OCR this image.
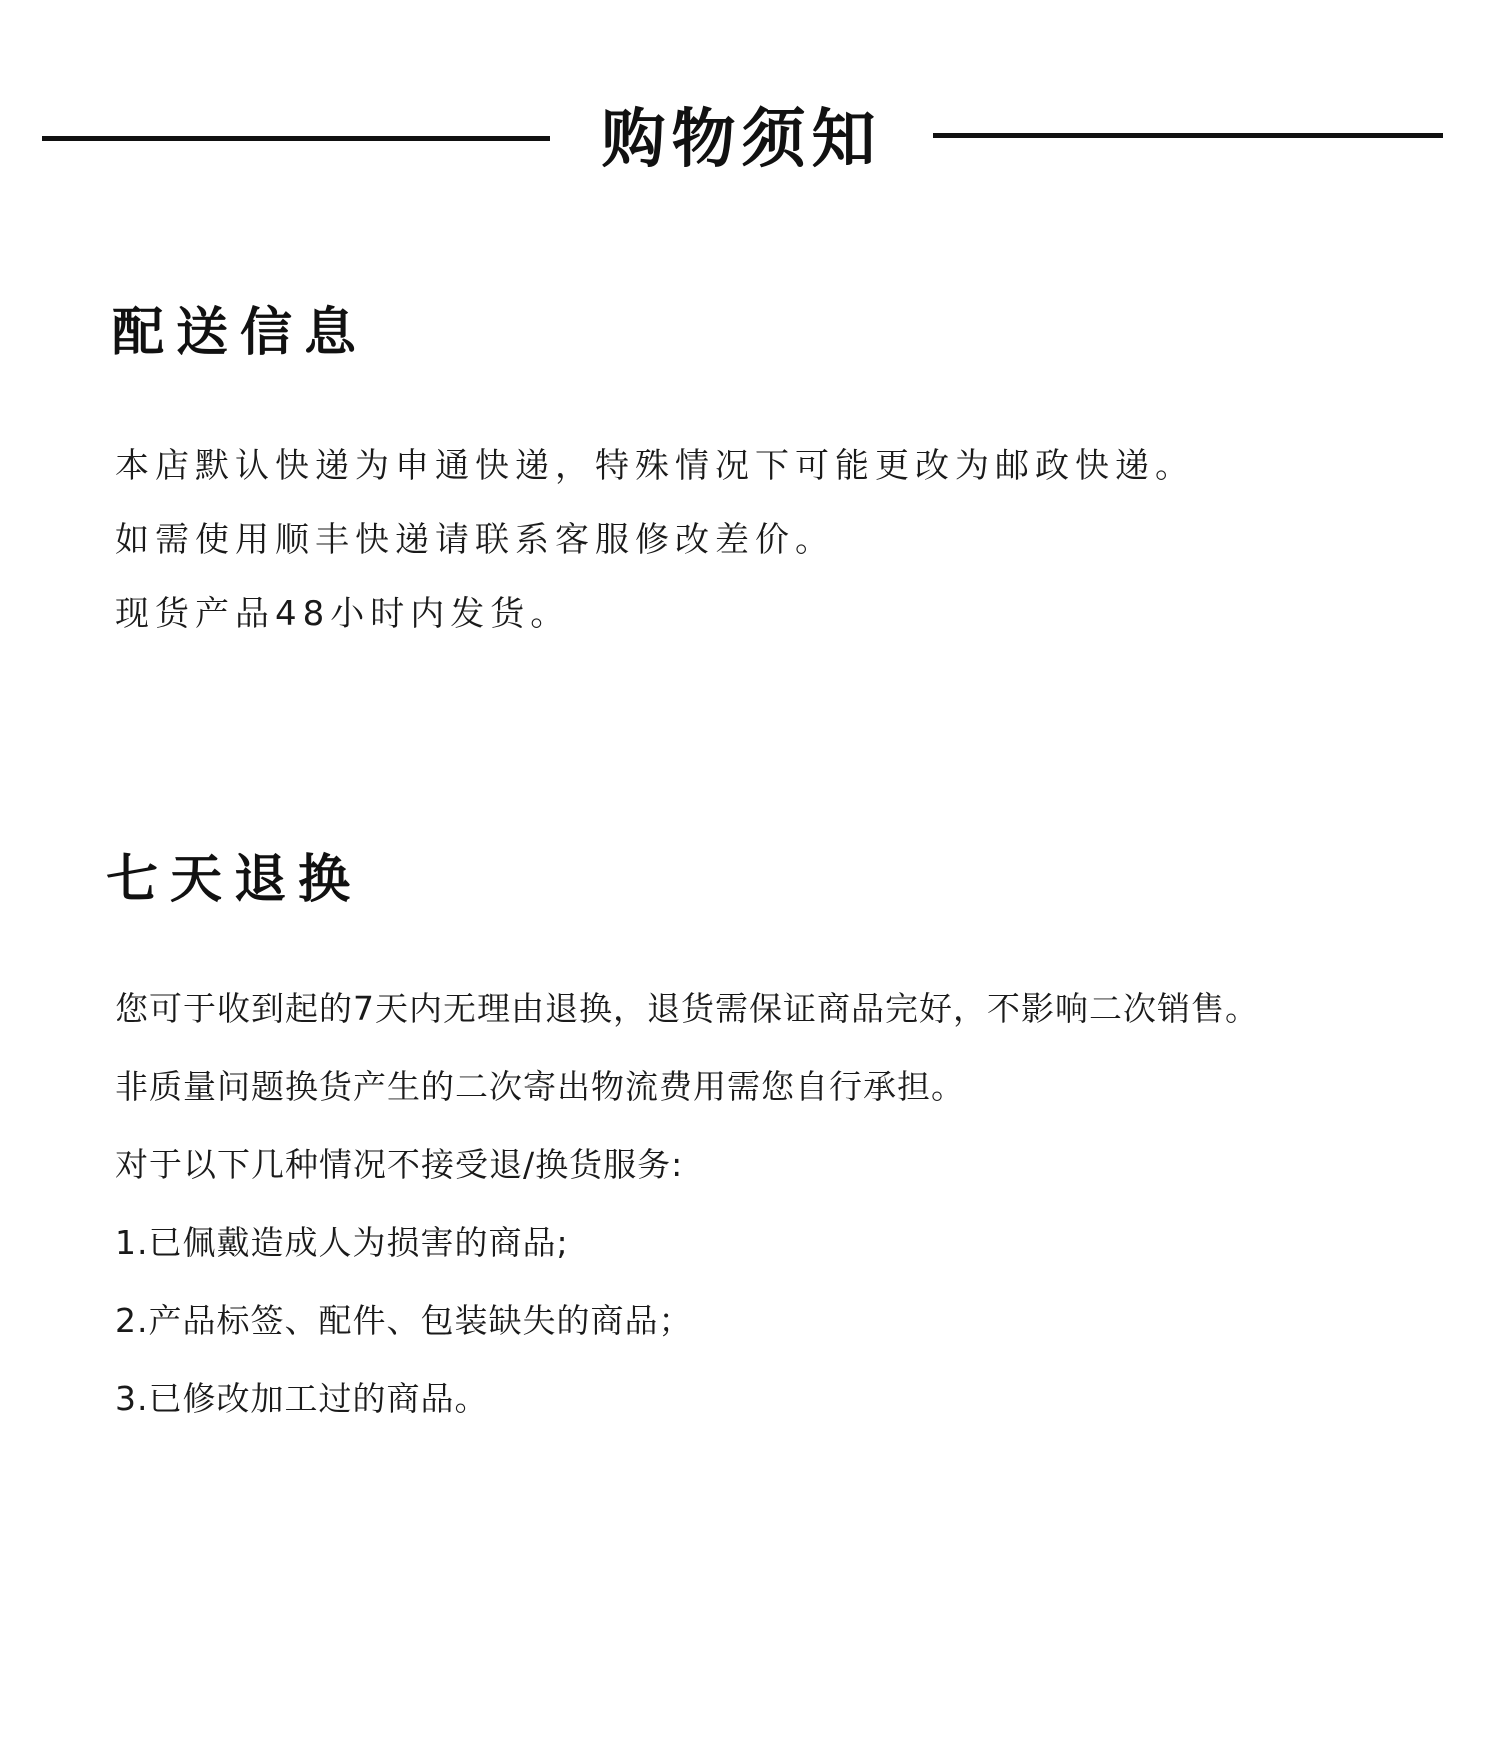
购物须知
配送信息
本店默认快递为申通快递，特殊情况下可能更改为邮政快递。
如需使用顺丰快递请联系客服修改差价。
现货产品48小时内发货。
七天退换
您可于收到起的7天内无理由退换，退货需保证商品完好，不影响二次销售。
非质量问题换货产生的二次寄出物流费用需您自行承担。
对于以下几种情况不接受退/换货服务:
1.已佩戴造成人为损害的商品;
2.产品标签、配件、包装缺失的商品；
3.已修改加工过的商品。
